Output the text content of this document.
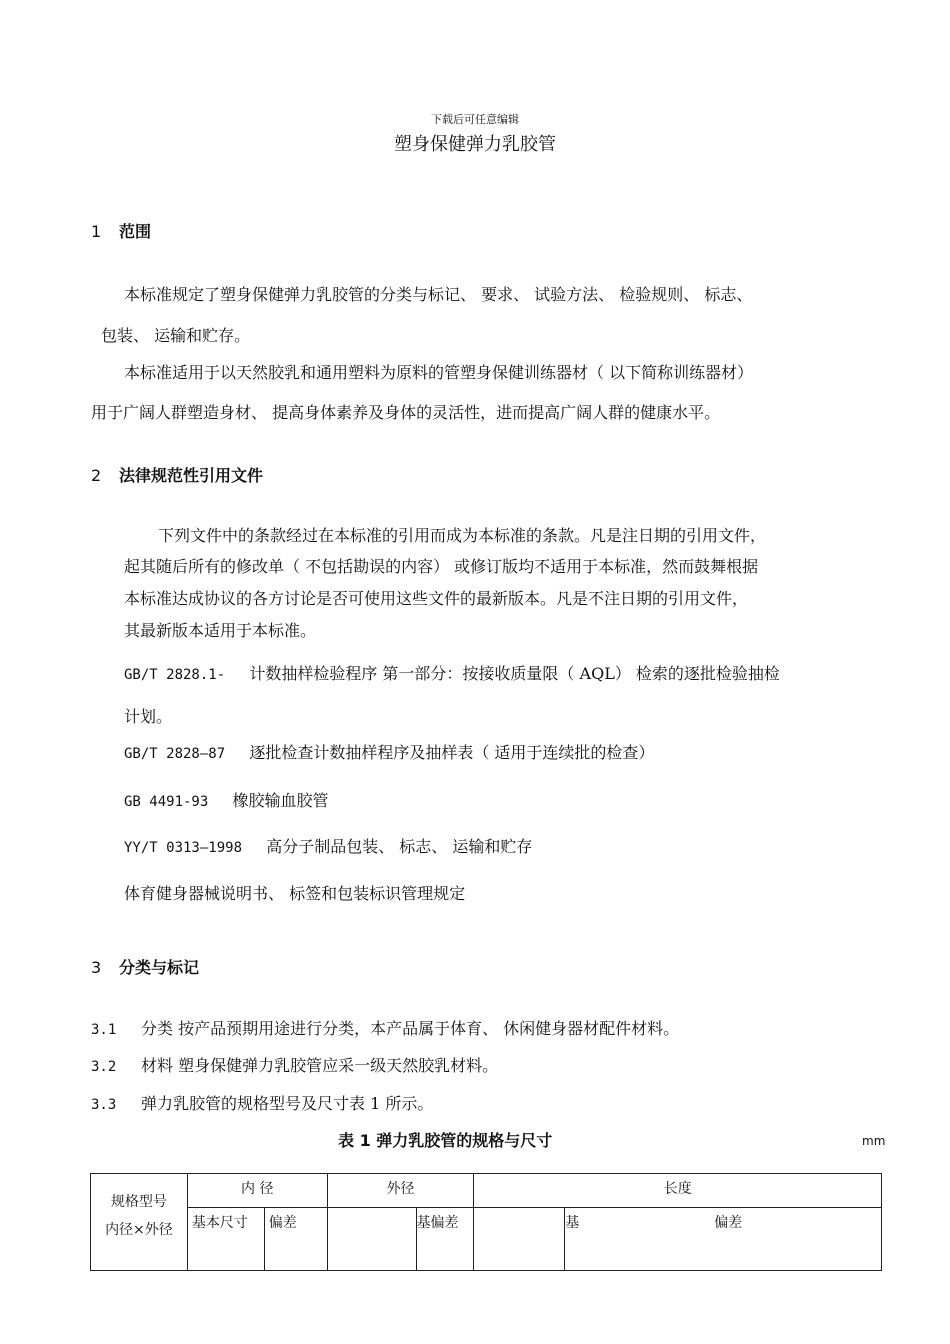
下载后可任意编辑
塑身保健弹力乳胶管
1 范围
本标准规定了塑身保健弹力乳胶管的分类与标记、 要求、 试验方法、 检验规则、 标志、
包装、 运输和贮存。
本标准适用于以天然胶乳和通用塑料为原料的管塑身保健训练器材（ 以下简称训练器材）
用于广阔人群塑造身材、 提高身体素养及身体的灵活性，进而提高广阔人群的健康水平。
2 法律规范性引用文件
下列文件中的条款经过在本标准的引用而成为本标准的条款。凡是注日期的引用文件，
起其随后所有的修改单（ 不包括勘误的内容） 或修订版均不适用于本标准，然而鼓舞根据
本标准达成协议的各方讨论是否可使用这些文件的最新版本。凡是不注日期的引用文件，
其最新版本适用于本标准。
GB/T 2828.1- 计数抽样检验程序 第一部分：按接收质量限（ AQL） 检索的逐批检验抽检
计划。
GB/T 2828—87 逐批检查计数抽样程序及抽样表（ 适用于连续批的检查）
GB 4491-93 橡胶输血胶管
YY/T 0313—1998 高分子制品包装、 标志、 运输和贮存
体育健身器械说明书、 标签和包装标识管理规定
3 分类与标记
3.1 分类 按产品预期用途进行分类，本产品属于体育、 休闲健身器材配件材料。
3.2 材料 塑身保健弹力乳胶管应采一级天然胶乳材料。
3.3 弹力乳胶管的规格型号及尺寸表 1 所示。
表 1 弹力乳胶管的规格与尺寸	mm
规格型号
内径×外径	内 径		外径		长度	
	基本尺寸	偏差		基偏差		基 偏差
